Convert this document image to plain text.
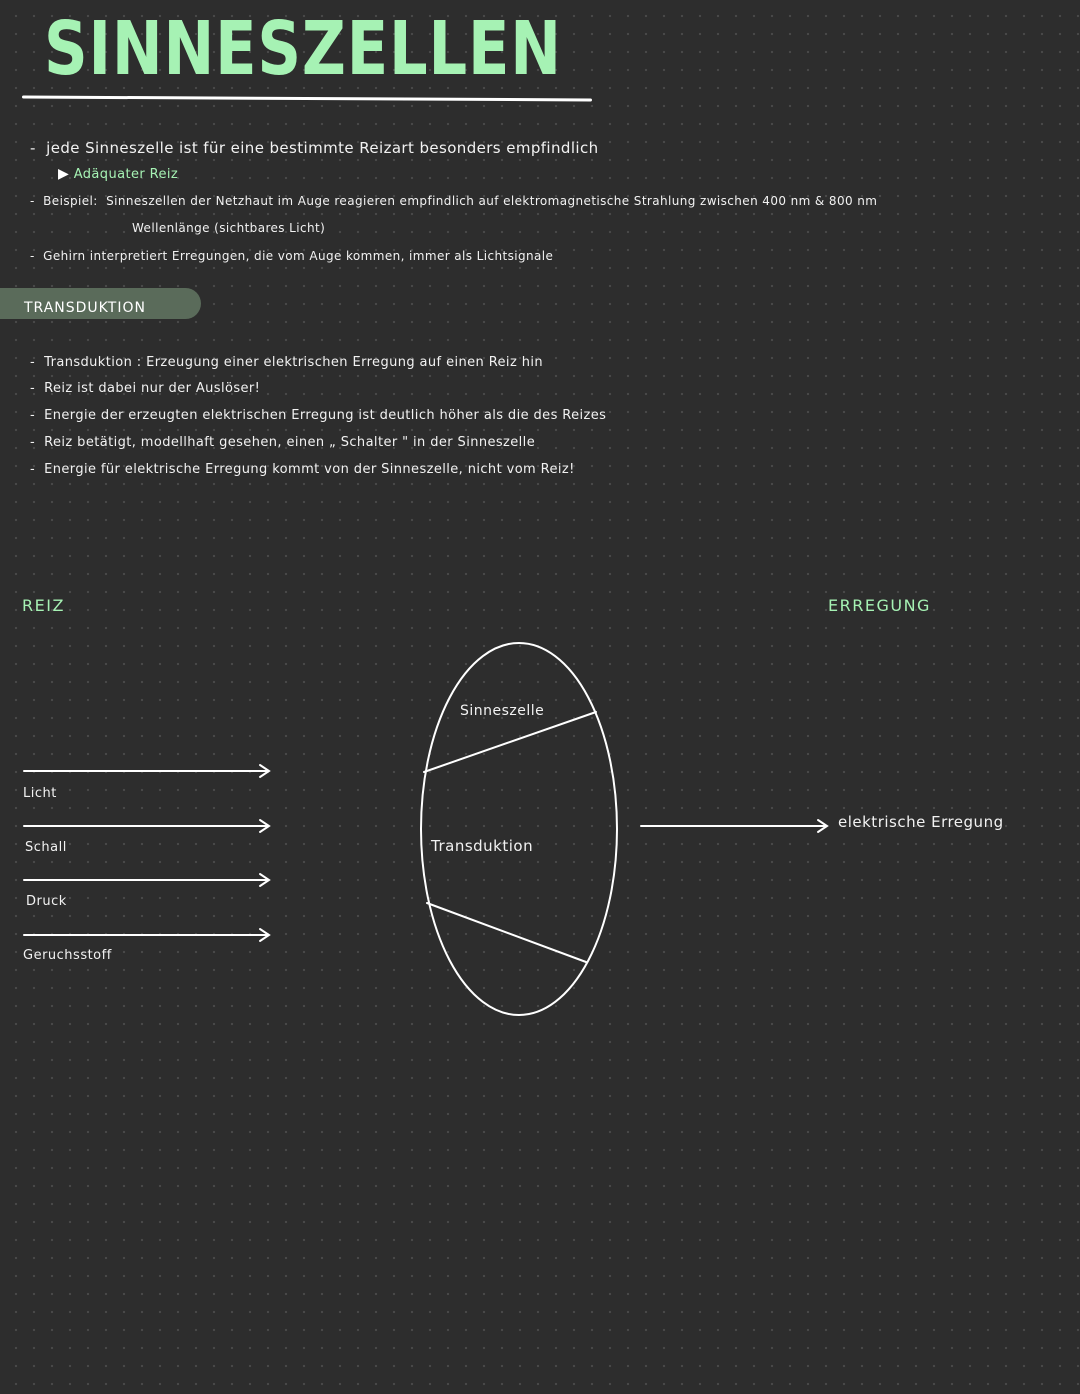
SINNESZELLEN
-  jede Sinneszelle ist für eine bestimmte Reizart besonders empfindlich
▶ Adäquater Reiz
-  Beispiel: Sinneszellen der Netzhaut im Auge reagieren empfindlich auf elektromagnetische Strahlung zwischen 400 nm & 800 nm
Wellenlänge (sichtbares Licht)
-  Gehirn interpretiert Erregungen, die vom Auge kommen, immer als Lichtsignale
TRANSDUKTION
-  Transduktion : Erzeugung einer elektrischen Erregung auf einen Reiz hin
-  Reiz ist dabei nur der Auslöser!
-  Energie der erzeugten elektrischen Erregung ist deutlich höher als die des Reizes
-  Reiz betätigt, modellhaft gesehen, einen „ Schalter " in der Sinneszelle
-  Energie für elektrische Erregung kommt von der Sinneszelle, nicht vom Reiz!
REIZ	ERREGUNG
Licht
Schall
Druck
Geruchsstoff
Sinneszelle
Transduktion
elektrische Erregung
